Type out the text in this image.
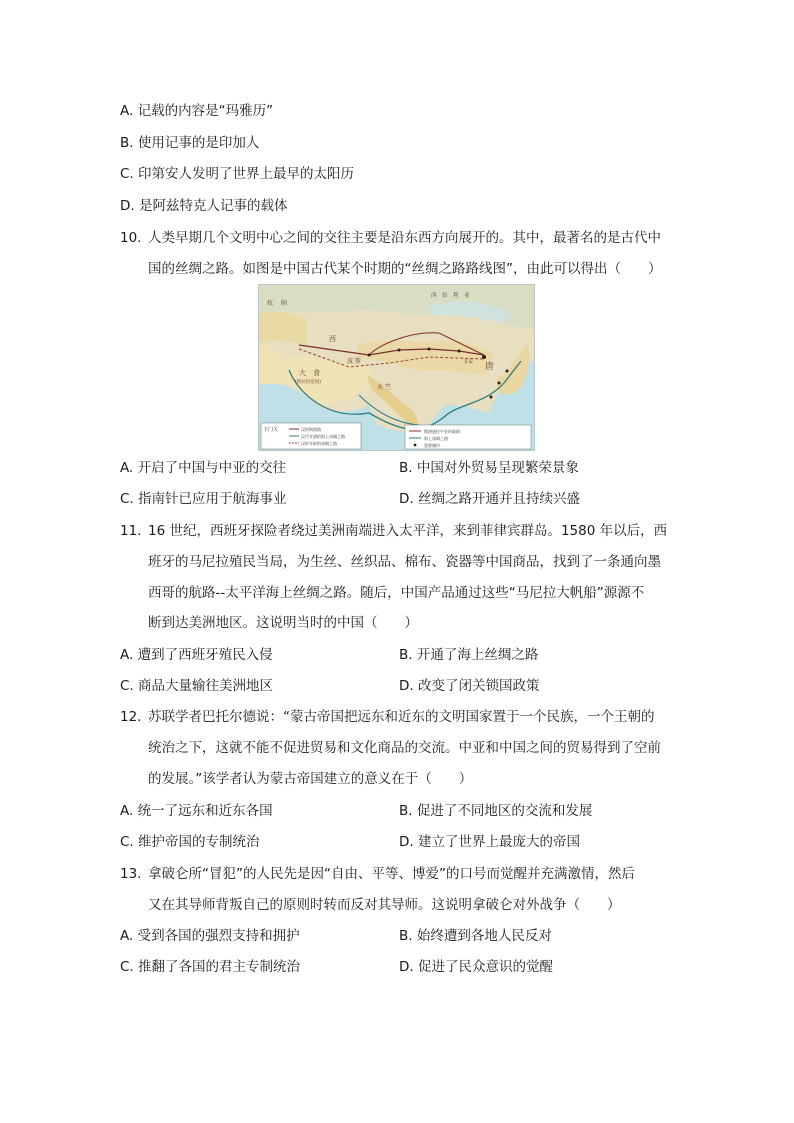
A. 记载的内容是“玛雅历”
B. 使用记事的是印加人
C. 印第安人发明了世界上最早的太阳历
D. 是阿兹特克人记事的载体
10. 人类早期几个文明中心之间的交往主要是沿东西方向展开的。其中，最著名的是古代中
国的丝绸之路。如图是中国古代某个时期的“丝绸之路路线图”，由此可以得出（　　）
杭　 纳
西　伯　利　亚
西
波 斯
大　食
(阿拉伯帝国)
天 竺
唐
长安
玉门关	汉时期商路
汉代开通的海上丝绸之路
汉时开辟的丝绸之路
隋唐通往中亚的陆路
海上丝绸之路
重要城市
A. 开启了中国与中亚的交往	B. 中国对外贸易呈现繁荣景象
C. 指南针已应用于航海事业	D. 丝绸之路开通并且持续兴盛
11. 16 世纪，西班牙探险者绕过美洲南端进入太平洋，来到菲律宾群岛。1580 年以后，西
班牙的马尼拉殖民当局，为生丝、丝织品、棉布、瓷器等中国商品，找到了一条通向墨
西哥的航路--太平洋海上丝绸之路。随后，中国产品通过这些“马尼拉大帆船”源源不
断到达美洲地区。这说明当时的中国（　　）
A. 遭到了西班牙殖民入侵	B. 开通了海上丝绸之路
C. 商品大量输往美洲地区	D. 改变了闭关锁国政策
12. 苏联学者巴托尔德说：“蒙古帝国把远东和近东的文明国家置于一个民族，一个王朝的
统治之下，这就不能不促进贸易和文化商品的交流。中亚和中国之间的贸易得到了空前
的发展。”该学者认为蒙古帝国建立的意义在于（　　）
A. 统一了远东和近东各国	B. 促进了不同地区的交流和发展
C. 维护帝国的专制统治	D. 建立了世界上最庞大的帝国
13. 拿破仑所“冒犯”的人民先是因“自由、平等、博爱”的口号而觉醒并充满激情，然后
又在其导师背叛自己的原则时转而反对其导师。这说明拿破仑对外战争（　　）
A. 受到各国的强烈支持和拥护	B. 始终遭到各地人民反对
C. 推翻了各国的君主专制统治	D. 促进了民众意识的觉醒
